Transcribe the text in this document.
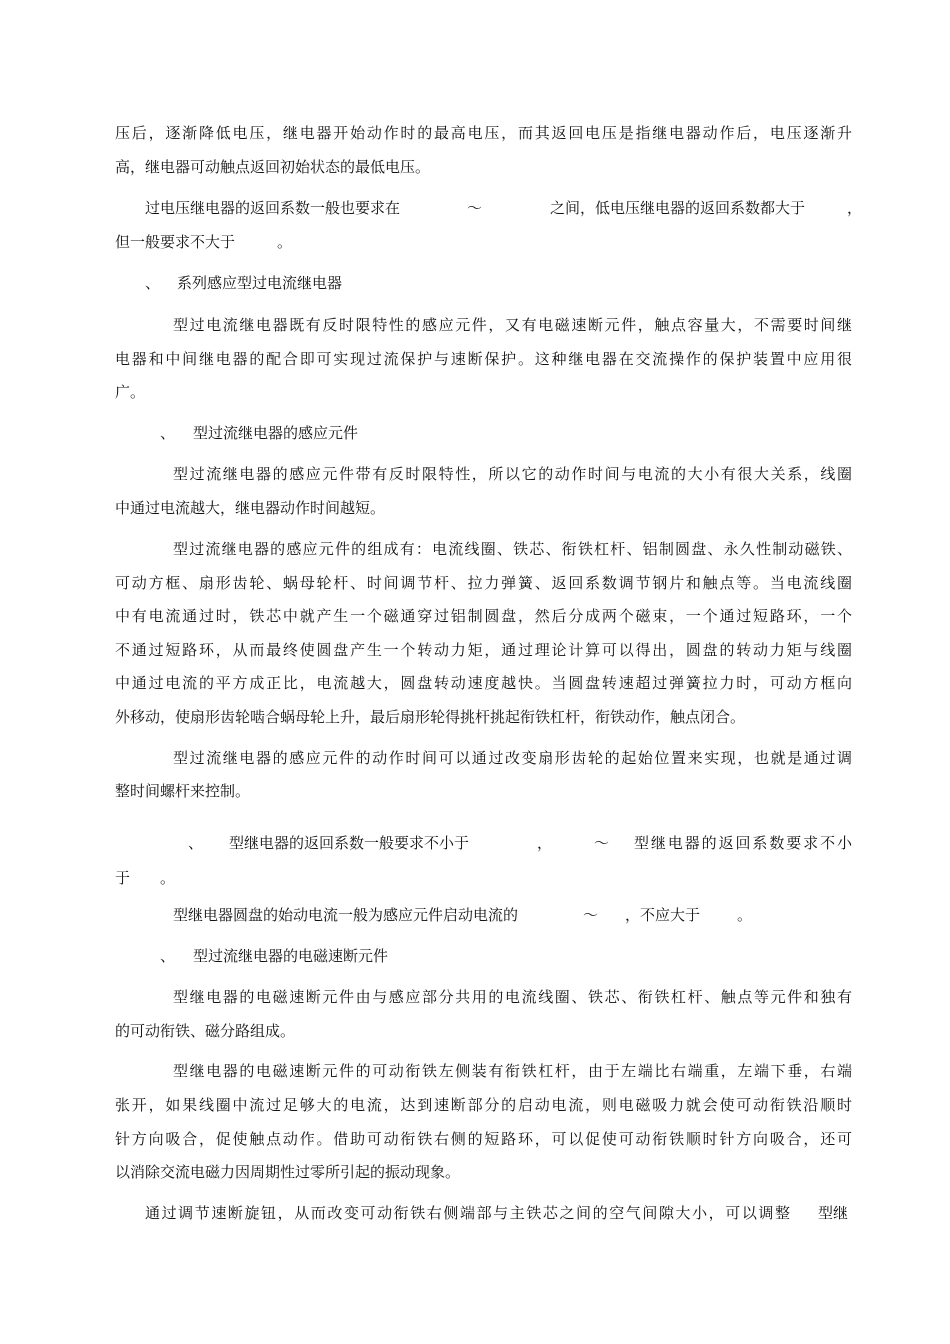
压后，逐渐降低电压，继电器开始动作时的最高电压，而其返回电压是指继电器动作后，电压逐渐升
高，继电器可动触点返回初始状态的最低电压。
过电压继电器的返回系数一般也要求在	～	之间，低电压继电器的返回系数都大于	，
但一般要求不大于	。
、 系列感应型过电流继电器
型过电流继电器既有反时限特性的感应元件，又有电磁速断元件，触点容量大，不需要时间继
电器和中间继电器的配合即可实现过流保护与速断保护。这种继电器在交流操作的保护装置中应用很
广。
、 型过流继电器的感应元件
型过流继电器的感应元件带有反时限特性，所以它的动作时间与电流的大小有很大关系，线圈
中通过电流越大，继电器动作时间越短。
型过流继电器的感应元件的组成有：电流线圈、铁芯、衔铁杠杆、铝制圆盘、永久性制动磁铁、
可动方框、扇形齿轮、蜗母轮杆、时间调节杆、拉力弹簧、返回系数调节钢片和触点等。当电流线圈
中有电流通过时，铁芯中就产生一个磁通穿过铝制圆盘，然后分成两个磁束，一个通过短路环，一个
不通过短路环，从而最终使圆盘产生一个转动力矩，通过理论计算可以得出，圆盘的转动力矩与线圈
中通过电流的平方成正比，电流越大，圆盘转动速度越快。当圆盘转速超过弹簧拉力时，可动方框向
外移动，使扇形齿轮啮合蜗母轮上升，最后扇形轮得挑杆挑起衔铁杠杆，衔铁动作，触点闭合。
型过流继电器的感应元件的动作时间可以通过改变扇形齿轮的起始位置来实现，也就是通过调
整时间螺杆来控制。
、 型继电器的返回系数一般要求不小于	，	～ 型继电器的返回系数要求不小
于 。
型继电器圆盘的始动电流一般为感应元件启动电流的	～ ，不应大于 。
、 型过流继电器的电磁速断元件
型继电器的电磁速断元件由与感应部分共用的电流线圈、铁芯、衔铁杠杆、触点等元件和独有
的可动衔铁、磁分路组成。
型继电器的电磁速断元件的可动衔铁左侧装有衔铁杠杆，由于左端比右端重，左端下垂，右端
张开，如果线圈中流过足够大的电流，达到速断部分的启动电流，则电磁吸力就会使可动衔铁沿顺时
针方向吸合，促使触点动作。借助可动衔铁右侧的短路环，可以促使可动衔铁顺时针方向吸合，还可
以消除交流电磁力因周期性过零所引起的振动现象。
通过调节速断旋钮，从而改变可动衔铁右侧端部与主铁芯之间的空气间隙大小，可以调整 型继
